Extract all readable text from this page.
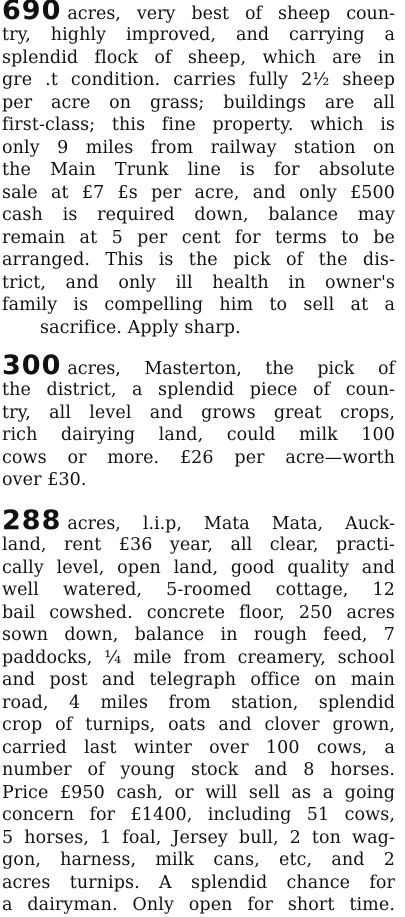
690 acres, very best of sheep coun-
try, highly improved, and carrying a
splendid flock of sheep, which are in
gre .t condition. carries fully 2½ sheep
per acre on grass; buildings are all
first-class; this fine property. which is
only 9 miles from railway station on
the Main Trunk line is for absolute
sale at £7 £s per acre, and only £500
cash is required down, balance may
remain at 5 per cent for terms to be
arranged. This is the pick of the dis-
trict, and only ill health in owner's
family is compelling him to sell at a
sacrifice. Apply sharp.
300 acres, Masterton, the pick of
the district, a splendid piece of coun-
try, all level and grows great crops,
rich dairying land, could milk 100
cows or more. £26 per acre—worth
over £30.
288 acres, l.i.p, Mata Mata, Auck-
land, rent £36 year, all clear, practi-
cally level, open land, good quality and
well watered, 5-roomed cottage, 12
bail cowshed. concrete floor, 250 acres
sown down, balance in rough feed, 7
paddocks, ¼ mile from creamery, school
and post and telegraph office on main
road, 4 miles from station, splendid
crop of turnips, oats and clover grown,
carried last winter over 100 cows, a
number of young stock and 8 horses.
Price £950 cash, or will sell as a going
concern for £1400, including 51 cows,
5 horses, 1 foal, Jersey bull, 2 ton wag-
gon, harness, milk cans, etc, and 2
acres turnips. A splendid chance for
a dairyman. Only open for short time.
